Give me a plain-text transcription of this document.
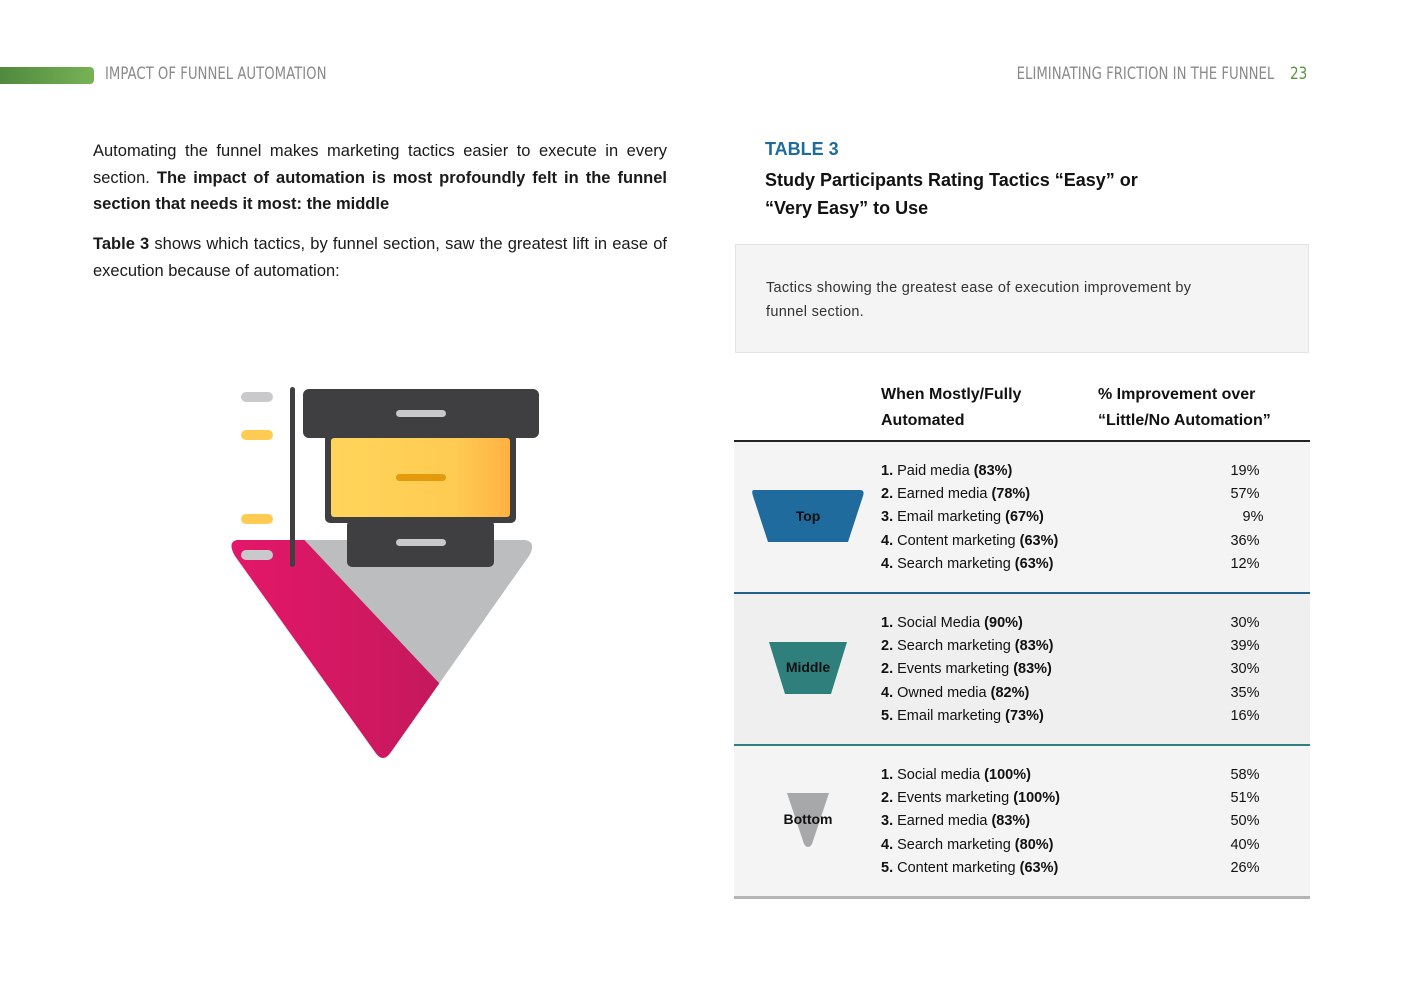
IMPACT OF FUNNEL AUTOMATION	ELIMINATING FRICTION IN THE FUNNEL 23
Automating the funnel makes marketing tactics easier to execute in every section. The impact of automation is most profoundly felt in the funnel section that needs it most: the middle
Table 3 shows which tactics, by funnel section, saw the greatest lift in ease of execution because of automation:
TABLE 3
Study Participants Rating Tactics “Easy” or “Very Easy” to Use
Tactics showing the greatest ease of execution improvement by funnel section.
When Mostly/Fully Automated
% Improvement over “Little/No Automation”
Top
1. Paid media (83%)	19%
2. Earned media (78%)	57%
3. Email marketing (67%)	9%
4. Content marketing (63%)	36%
4. Search marketing (63%)	12%
Middle
1. Social Media (90%)	30%
2. Search marketing (83%)	39%
2. Events marketing (83%)	30%
4. Owned media (82%)	35%
5. Email marketing (73%)	16%
Bottom
1. Social media (100%)	58%
2. Events marketing (100%)	51%
3. Earned media (83%)	50%
4. Search marketing (80%)	40%
5. Content marketing (63%)	26%
